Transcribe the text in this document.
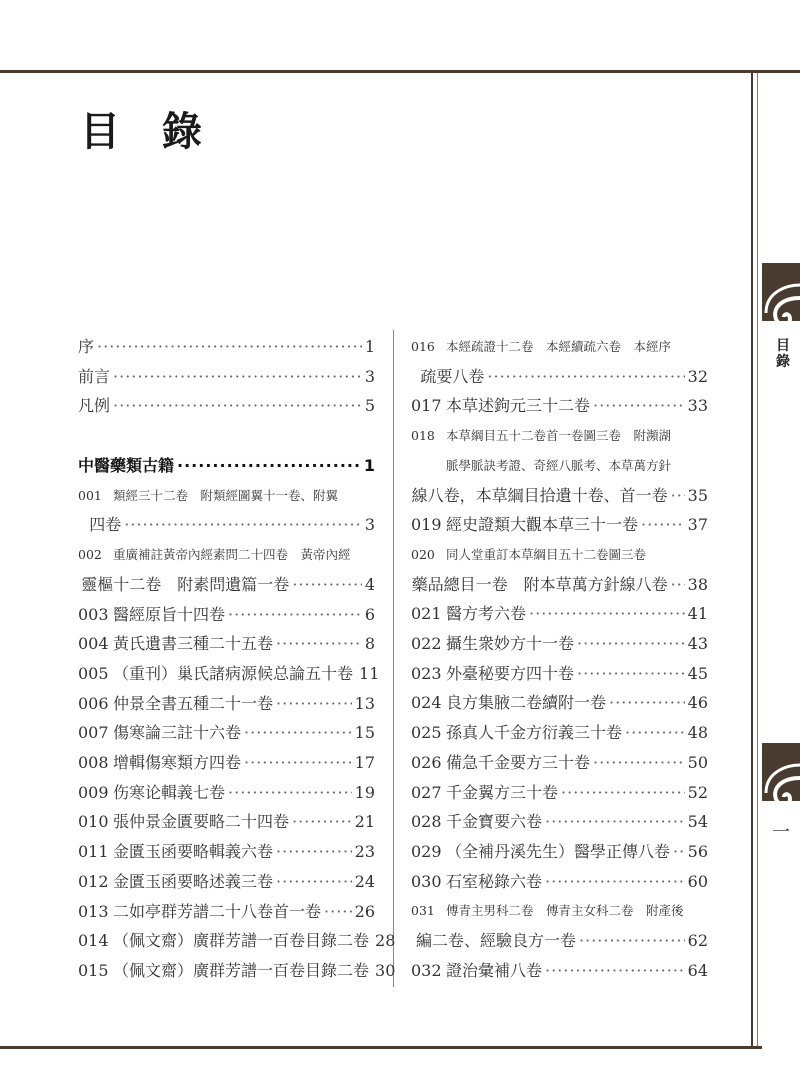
目錄
一
目 錄
序 ·····	1
前言 ·····	3
凡例 ·····	5
中醫藥類古籍 ·····	1
001 類經三十二卷　附類經圖翼十一卷、附翼
四卷 ·····	3
002 重廣補註黃帝內經素問二十四卷　黃帝內經
靈樞十二卷　附素問遺篇一卷 ·····	4
003 醫經原旨十四卷 ·····	6
004 黃氏遺書三種二十五卷 ·····	8
005 （重刊）巢氏諸病源候总論五十卷 11
006 仲景全書五種二十一卷 ·····	13
007 傷寒論三註十六卷 ·····	15
008 增輯傷寒類方四卷 ·····	17
009 伤寒论輯義七卷 ·····	19
010 張仲景金匱要略二十四卷 ·····	21
011 金匱玉函要略輯義六卷 ·····	23
012 金匱玉函要略述義三卷 ·····	24
013 二如亭群芳譜二十八卷首一卷 ····· 26
014 （佩文齋）廣群芳譜一百卷目錄二卷 28
015 （佩文齋）廣群芳譜一百卷目錄二卷 30
016 本經疏證十二卷　本經續疏六卷　本經序
疏要八卷 ·····	32
017 本草述鉤元三十二卷 ·····	33
018 本草綱目五十二卷首一卷圖三卷　附瀕湖
脈學脈訣考證、奇經八脈考、本草萬方針
線八卷，本草綱目拾遺十卷、首一卷 ····· 35
019 經史證類大觀本草三十一卷 ·····	37
020 同人堂重訂本草綱目五十二卷圖三卷
藥品總目一卷　附本草萬方針線八卷 ····· 38
021 醫方考六卷 ·····	41
022 攝生衆妙方十一卷 ·····	43
023 外臺秘要方四十卷 ·····	45
024 良方集腋二卷續附一卷 ·····	46
025 孫真人千金方衍義三十卷 ·····	48
026 備急千金要方三十卷 ·····	50
027 千金翼方三十卷 ·····	52
028 千金寶要六卷 ·····	54
029 （全補丹溪先生）醫學正傳八卷 ····· 56
030 石室秘錄六卷 ·····	60
031 傅青主男科二卷　傅青主女科二卷　附產後
編二卷、經驗良方一卷 ·····	62
032 證治彙補八卷 ·····	64
